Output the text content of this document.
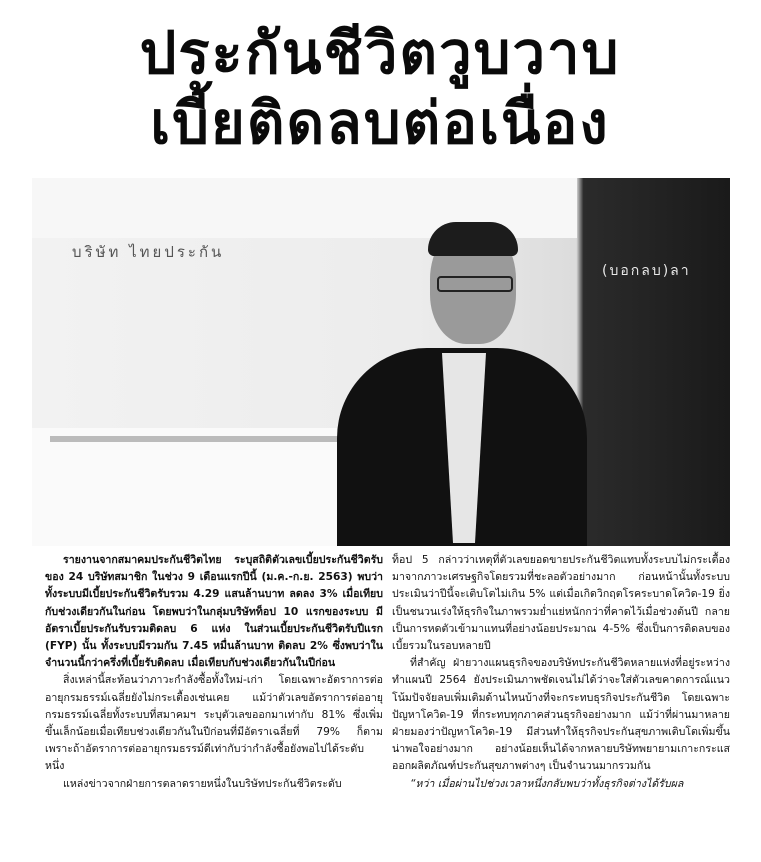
ประกันชีวิตวูบวาบ
เบี้ยติดลบต่อเนื่อง
บริษัท ไทยประกัน
(บอกลบ)ลา

รายงานจากสมาคมประกันชีวิตไทย ระบุสถิติตัวเลขเบี้ยประกันชีวิตรับของ 24 บริษัทสมาชิก ในช่วง 9 เดือนแรกปีนี้ (ม.ค.-ก.ย. 2563) พบว่าทั้งระบบมีเบี้ยประกันชีวิตรับรวม 4.29 แสนล้านบาท ลดลง 3% เมื่อเทียบกับช่วงเดียวกันในก่อน โดยพบว่าในกลุ่มบริษัทท็อป 10 แรกของระบบ มีอัตราเบี้ยประกันรับรวมติดลบ 6 แห่ง ในส่วนเบี้ยประกันชีวิตรับปีแรก (FYP) นั้น ทั้งระบบมีรวมกัน 7.45 หมื่นล้านบาท ติดลบ 2% ซึ่งพบว่าในจำนวนนี้กว่าครึ่งที่เบี้ยรับติดลบ เมื่อเทียบกับช่วงเดียวกันในปีก่อน

สิ่งเหล่านี้สะท้อนว่าภาวะกำลังซื้อทั้งใหม่-เก่า โดยเฉพาะอัตราการต่ออายุกรมธรรม์เฉลี่ยยังไม่กระเตื้องเช่นเคย แม้ว่าตัวเลขอัตราการต่ออายุกรมธรรม์เฉลี่ยทั้งระบบที่สมาคมฯ ระบุตัวเลขออกมาเท่ากับ 81% ซึ่งเพิ่มขึ้นเล็กน้อยเมื่อเทียบช่วงเดียวกันในปีก่อนที่มีอัตราเฉลี่ยที่ 79% ก็ตาม เพราะถ้าอัตราการต่ออายุกรมธรรม์ดีเท่ากับว่ากำลังซื้อยังพอไปได้ระดับหนึ่ง

แหล่งข่าวจากฝ่ายการตลาดรายหนึ่งในบริษัทประกันชีวิตระดับ

ท็อป 5 กล่าวว่าเหตุที่ตัวเลขยอดขายประกันชีวิตแทบทั้งระบบไม่กระเตื้อง มาจากภาวะเศรษฐกิจโดยรวมที่ชะลอตัวอย่างมาก ก่อนหน้านั้นทั้งระบบประเมินว่าปีนี้จะเติบโตไม่เกิน 5% แต่เมื่อเกิดวิกฤตโรคระบาดโควิด-19 ยิ่งเป็นชนวนเร่งให้ธุรกิจในภาพรวมย่ำแย่หนักกว่าที่คาดไว้เมื่อช่วงต้นปี กลายเป็นการหดตัวเข้ามาแทนที่อย่างน้อยประมาณ 4-5% ซึ่งเป็นการติดลบของเบี้ยรวมในรอบหลายปี

ที่สำคัญ ฝ่ายวางแผนธุรกิจของบริษัทประกันชีวิตหลายแห่งที่อยู่ระหว่างทำแผนปี 2564 ยังประเมินภาพชัดเจนไม่ได้ว่าจะใส่ตัวเลขคาดการณ์แนวโน้มปัจจัยลบเพิ่มเติมด้านไหนบ้างที่จะกระทบธุรกิจประกันชีวิต โดยเฉพาะปัญหาโควิด-19 ที่กระทบทุกภาคส่วนธุรกิจอย่างมาก แม้ว่าที่ผ่านมาหลายฝ่ายมองว่าปัญหาโควิด-19 มีส่วนทำให้ธุรกิจประกันสุขภาพเติบโตเพิ่มขึ้นน่าพอใจอย่างมาก อย่างน้อยเห็นได้จากหลายบริษัทพยายามเกาะกระแสออกผลิตภัณฑ์ประกันสุขภาพต่างๆ เป็นจำนวนมากรวมกัน

“หว่า เมื่อผ่านไปช่วงเวลาหนึ่งกลับพบว่าทั้งธุรกิจต่างได้รับผล
